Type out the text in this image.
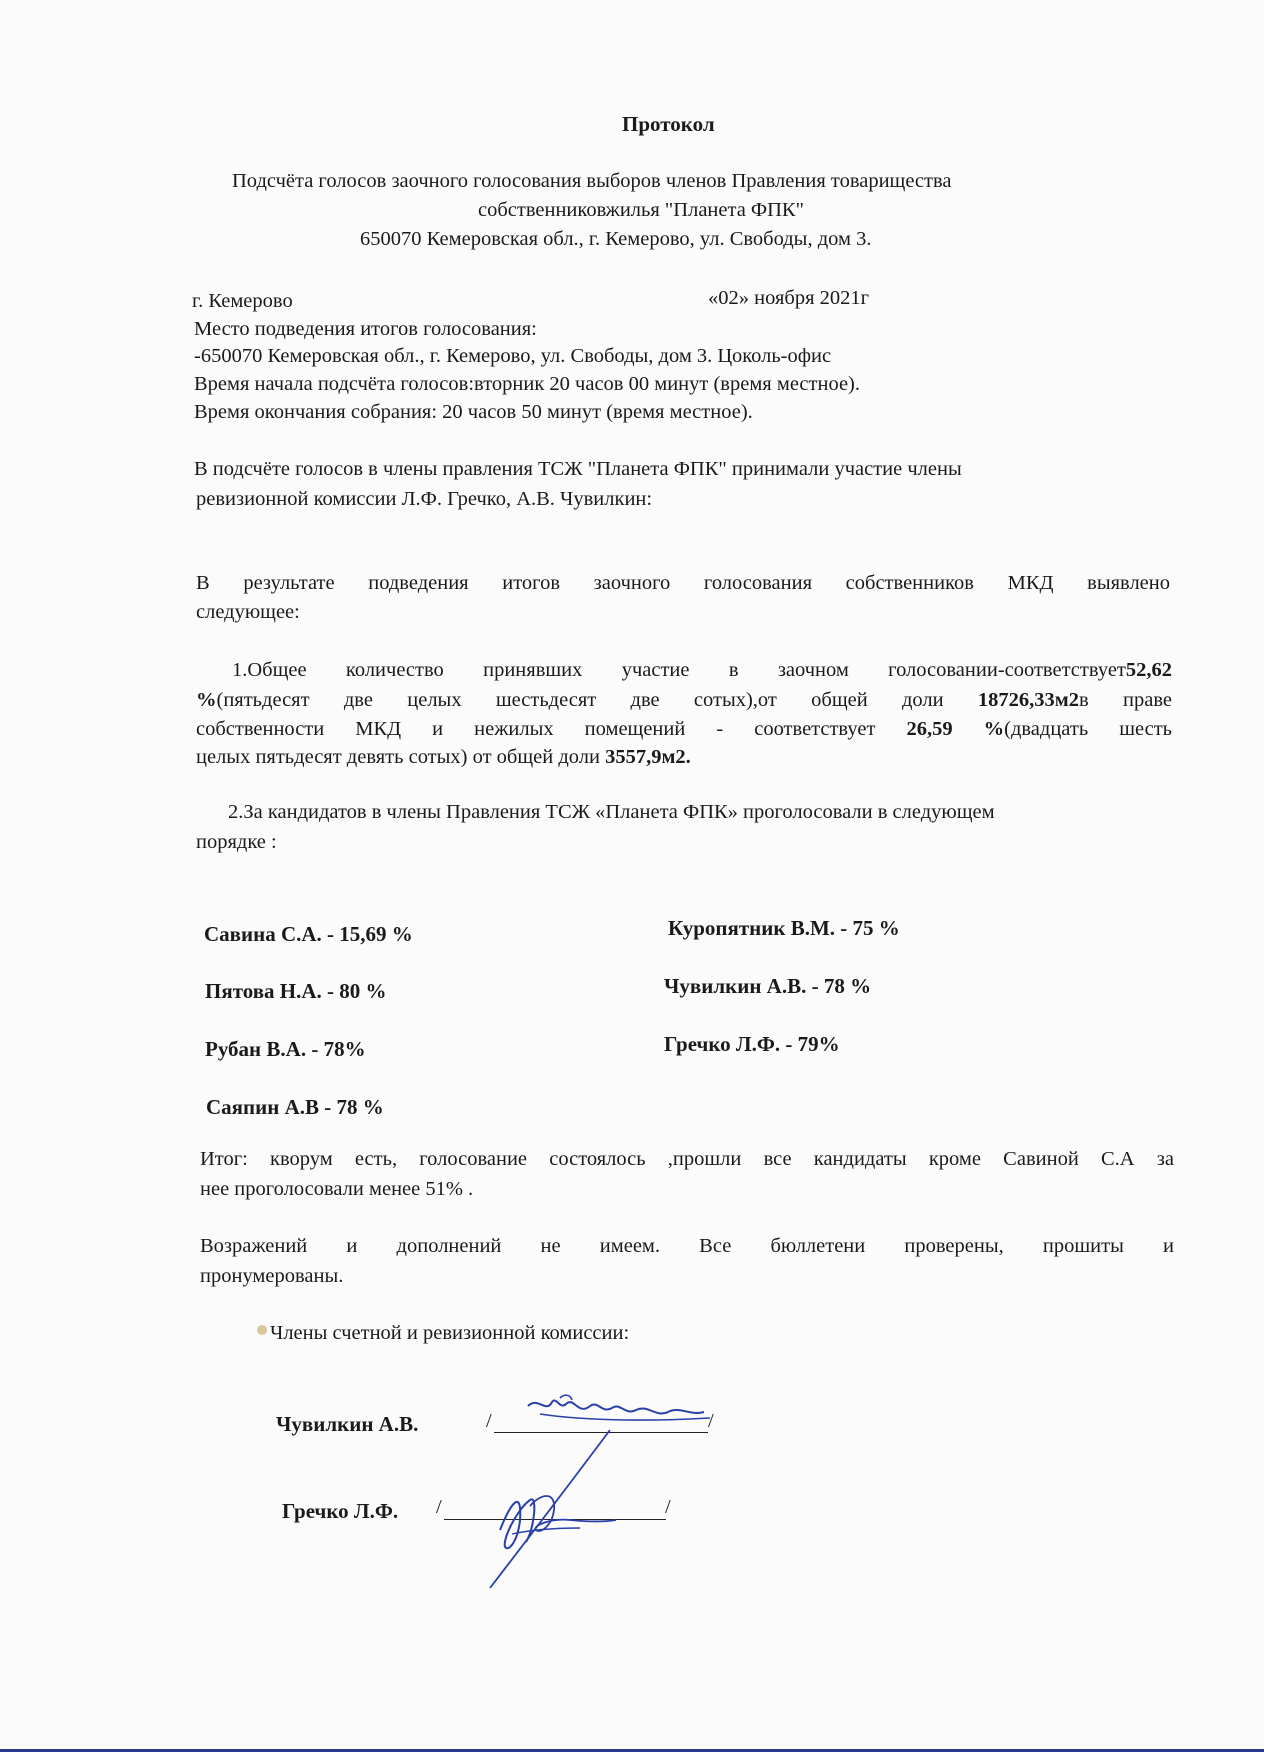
Протокол
Подсчёта голосов заочного голосования выборов членов Правления товарищества
собственниковжилья "Планета ФПК"
650070 Кемеровская обл., г. Кемерово, ул. Свободы, дом 3.
г. Кемерово	«02» ноября 2021г
Место подведения итогов голосования:
-650070 Кемеровская обл., г. Кемерово, ул. Свободы, дом 3. Цоколь-офис
Время начала подсчёта голосов:вторник 20 часов 00 минут (время местное).
Время окончания собрания: 20 часов 50 минут (время местное).
В подсчёте голосов в члены правления ТСЖ "Планета ФПК" принимали участие члены
ревизионной комиссии Л.Ф. Гречко, А.В. Чувилкин:
В результате подведения итогов заочного голосования собственников МКД выявлено
следующее:
1.Общее количество принявших участие в заочном голосовании-соответствует52,62
%(пятьдесят две целых шестьдесят две сотых),от общей доли 18726,33м2в праве
собственности МКД и нежилых помещений - соответствует 26,59 %(двадцать шесть
целых пятьдесят девять сотых) от общей доли 3557,9м2.
2.За кандидатов в члены Правления ТСЖ «Планета ФПК» проголосовали в следующем
порядке :
Савина С.А. - 15,69 %
Пятова Н.А. - 80 %
Рубан В.А. - 78%
Саяпин А.В - 78 %
Куропятник В.М. - 75 %
Чувилкин А.В. - 78 %
Гречко Л.Ф. - 79%
Итог: кворум есть, голосование состоялось ,прошли все кандидаты кроме Савиной С.А за
нее проголосовали менее 51% .
Возражений и дополнений не имеем. Все бюллетени проверены, прошиты и
пронумерованы.
Члены счетной и ревизионной комиссии:
Чувилкин А.В.	/	/
Гречко Л.Ф. /	/
